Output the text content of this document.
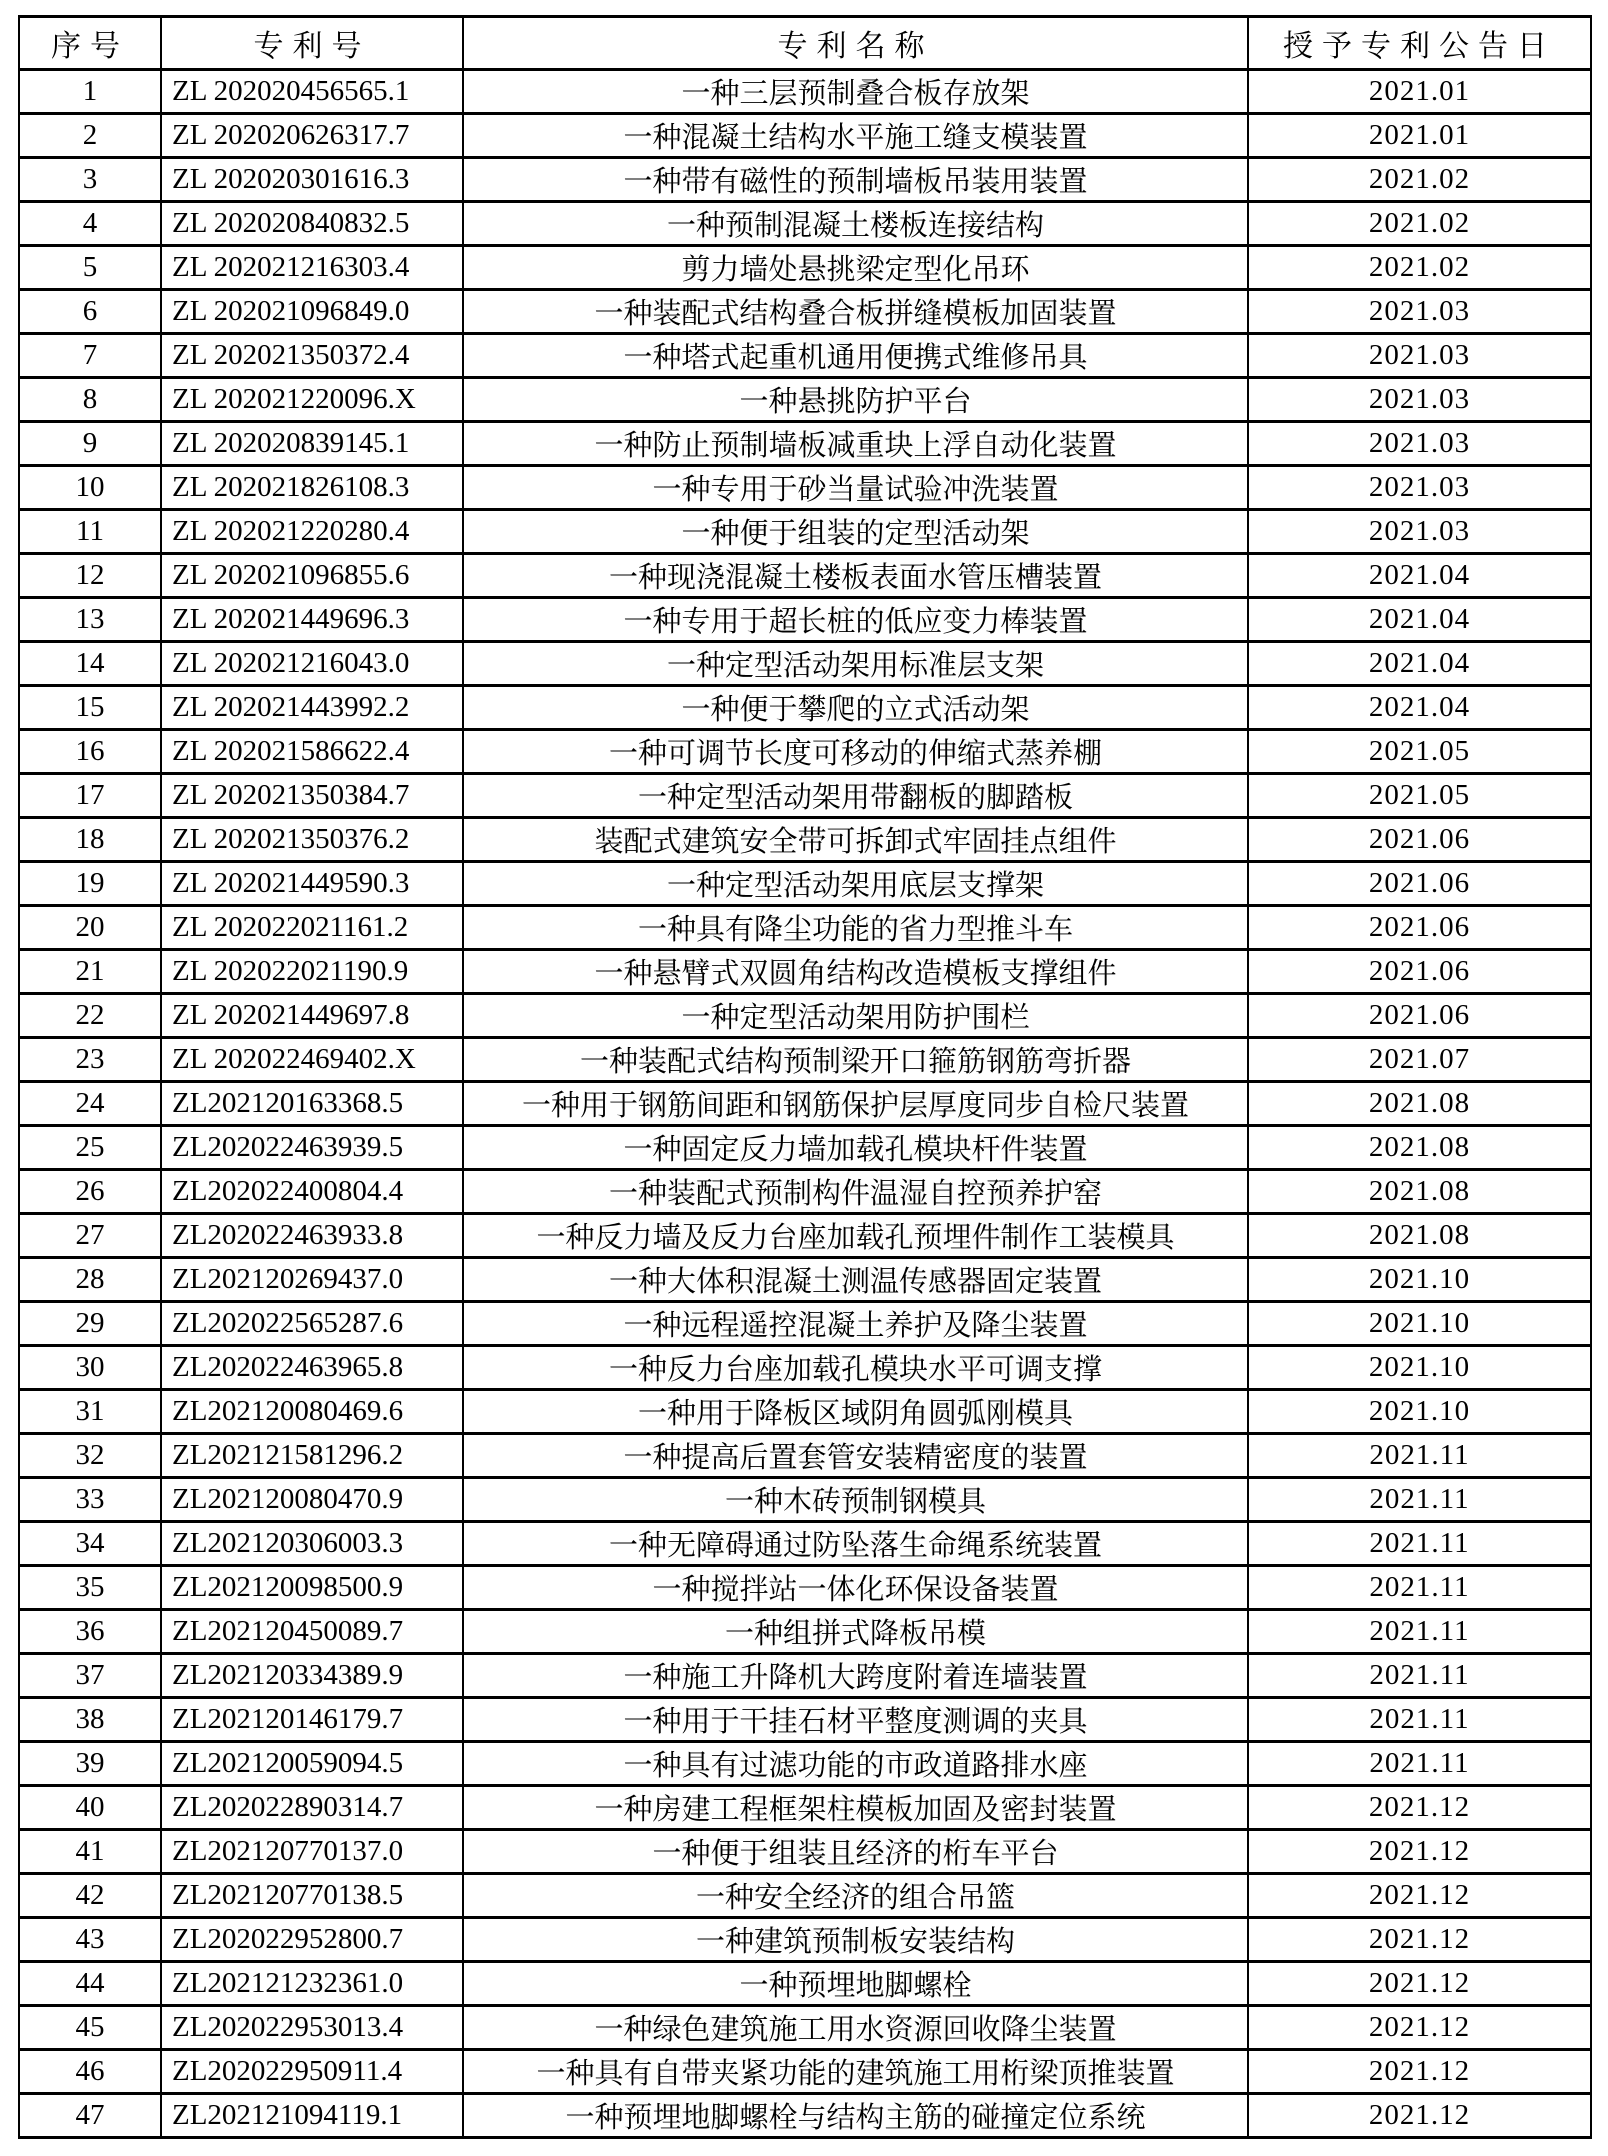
序号	专利号	专利名称	授予专利公告日
1	ZL 202020456565.1	一种三层预制叠合板存放架	2021.01
2	ZL 202020626317.7	一种混凝土结构水平施工缝支模装置	2021.01
3	ZL 202020301616.3	一种带有磁性的预制墙板吊装用装置	2021.02
4	ZL 202020840832.5	一种预制混凝土楼板连接结构	2021.02
5	ZL 202021216303.4	剪力墙处悬挑梁定型化吊环	2021.02
6	ZL 202021096849.0	一种装配式结构叠合板拼缝模板加固装置	2021.03
7	ZL 202021350372.4	一种塔式起重机通用便携式维修吊具	2021.03
8	ZL 202021220096.X	一种悬挑防护平台	2021.03
9	ZL 202020839145.1	一种防止预制墙板减重块上浮自动化装置	2021.03
10	ZL 202021826108.3	一种专用于砂当量试验冲洗装置	2021.03
11	ZL 202021220280.4	一种便于组装的定型活动架	2021.03
12	ZL 202021096855.6	一种现浇混凝土楼板表面水管压槽装置	2021.04
13	ZL 202021449696.3	一种专用于超长桩的低应变力棒装置	2021.04
14	ZL 202021216043.0	一种定型活动架用标准层支架	2021.04
15	ZL 202021443992.2	一种便于攀爬的立式活动架	2021.04
16	ZL 202021586622.4	一种可调节长度可移动的伸缩式蒸养棚	2021.05
17	ZL 202021350384.7	一种定型活动架用带翻板的脚踏板	2021.05
18	ZL 202021350376.2	装配式建筑安全带可拆卸式牢固挂点组件	2021.06
19	ZL 202021449590.3	一种定型活动架用底层支撑架	2021.06
20	ZL 202022021161.2	一种具有降尘功能的省力型推斗车	2021.06
21	ZL 202022021190.9	一种悬臂式双圆角结构改造模板支撑组件	2021.06
22	ZL 202021449697.8	一种定型活动架用防护围栏	2021.06
23	ZL 202022469402.X	一种装配式结构预制梁开口箍筋钢筋弯折器	2021.07
24	ZL202120163368.5	一种用于钢筋间距和钢筋保护层厚度同步自检尺装置	2021.08
25	ZL202022463939.5	一种固定反力墙加载孔模块杆件装置	2021.08
26	ZL202022400804.4	一种装配式预制构件温湿自控预养护窑	2021.08
27	ZL202022463933.8	一种反力墙及反力台座加载孔预埋件制作工装模具	2021.08
28	ZL202120269437.0	一种大体积混凝土测温传感器固定装置	2021.10
29	ZL202022565287.6	一种远程遥控混凝土养护及降尘装置	2021.10
30	ZL202022463965.8	一种反力台座加载孔模块水平可调支撑	2021.10
31	ZL202120080469.6	一种用于降板区域阴角圆弧刚模具	2021.10
32	ZL202121581296.2	一种提高后置套管安装精密度的装置	2021.11
33	ZL202120080470.9	一种木砖预制钢模具	2021.11
34	ZL202120306003.3	一种无障碍通过防坠落生命绳系统装置	2021.11
35	ZL202120098500.9	一种搅拌站一体化环保设备装置	2021.11
36	ZL202120450089.7	一种组拼式降板吊模	2021.11
37	ZL202120334389.9	一种施工升降机大跨度附着连墙装置	2021.11
38	ZL202120146179.7	一种用于干挂石材平整度测调的夹具	2021.11
39	ZL202120059094.5	一种具有过滤功能的市政道路排水座	2021.11
40	ZL202022890314.7	一种房建工程框架柱模板加固及密封装置	2021.12
41	ZL202120770137.0	一种便于组装且经济的桁车平台	2021.12
42	ZL202120770138.5	一种安全经济的组合吊篮	2021.12
43	ZL202022952800.7	一种建筑预制板安装结构	2021.12
44	ZL202121232361.0	一种预埋地脚螺栓	2021.12
45	ZL202022953013.4	一种绿色建筑施工用水资源回收降尘装置	2021.12
46	ZL202022950911.4	一种具有自带夹紧功能的建筑施工用桁梁顶推装置	2021.12
47	ZL202121094119.1	一种预埋地脚螺栓与结构主筋的碰撞定位系统	2021.12
